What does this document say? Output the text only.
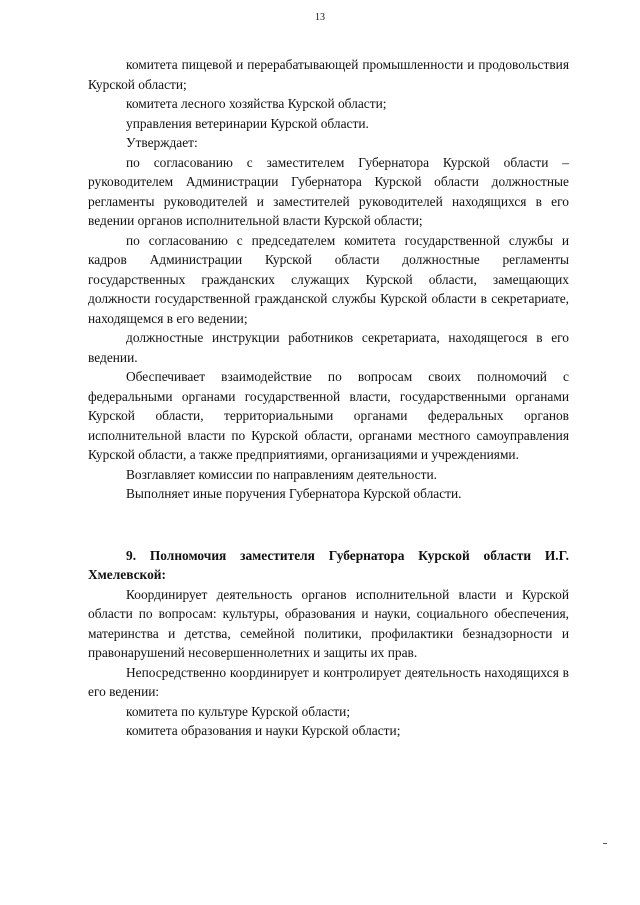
13

комитета пищевой и перерабатывающей промышленности и продовольствия Курской области;

комитета лесного хозяйства Курской области;

управления ветеринарии Курской области.

Утверждает:

по согласованию с заместителем Губернатора Курской области – руководителем Администрации Губернатора Курской области должностные регламенты руководителей и заместителей руководителей находящихся в его ведении органов исполнительной власти Курской области;

по согласованию с председателем комитета государственной службы и кадров Администрации Курской области должностные регламенты государственных гражданских служащих Курской области, замещающих должности государственной гражданской службы Курской области в секретариате, находящемся в его ведении;

должностные инструкции работников секретариата, находящегося в его ведении.

Обеспечивает взаимодействие по вопросам своих полномочий с федеральными органами государственной власти, государственными органами Курской области, территориальными органами федеральных органов исполнительной власти по Курской области, органами местного самоуправления Курской области, а также предприятиями, организациями и учреждениями.

Возглавляет комиссии по направлениям деятельности.

Выполняет иные поручения Губернатора Курской области.

9. Полномочия заместителя Губернатора Курской области И.Г. Хмелевской:

Координирует деятельность органов исполнительной власти и Курской области по вопросам: культуры, образования и науки, социального обеспечения, материнства и детства, семейной политики, профилактики безнадзорности и правонарушений несовершеннолетних и защиты их прав.

Непосредственно координирует и контролирует деятельность находящихся в его ведении:

комитета по культуре Курской области;

комитета образования и науки Курской области;
